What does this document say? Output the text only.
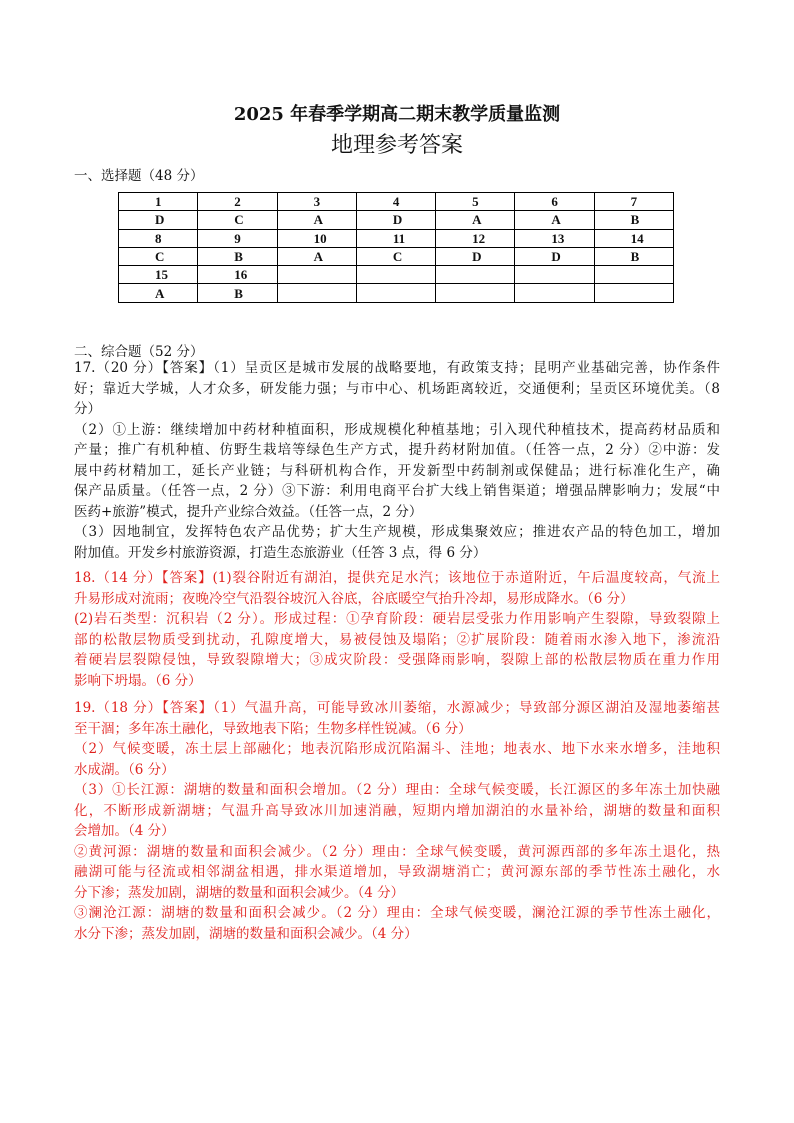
2025 年春季学期高二期末教学质量监测
地理参考答案
一、选择题（48 分）
1	2	3	4	5	6	7
D	C	A	D	A	A	B
8	9	10	11	12	13	14
C	B	A	C	D	D	B
15	16					
A	B					
二、综合题（52 分）
17.（20 分）【答案】（1）呈贡区是城市发展的战略要地，有政策支持；昆明产业基础完善，协作条件
好；靠近大学城，人才众多，研发能力强；与市中心、机场距离较近，交通便利；呈贡区环境优美。（8
分）
（2）①上游：继续增加中药材种植面积，形成规模化种植基地；引入现代种植技术，提高药材品质和
产量；推广有机种植、仿野生栽培等绿色生产方式，提升药材附加值。（任答一点，2 分）②中游：发
展中药材精加工，延长产业链；与科研机构合作，开发新型中药制剂或保健品；进行标准化生产，确
保产品质量。（任答一点，2 分）③下游：利用电商平台扩大线上销售渠道；增强品牌影响力；发展“中
医药+旅游”模式，提升产业综合效益。（任答一点，2 分）
（3）因地制宜，发挥特色农产品优势；扩大生产规模，形成集聚效应；推进农产品的特色加工，增加
附加值。开发乡村旅游资源，打造生态旅游业（任答 3 点，得 6 分）
18.（14 分）【答案】(1)裂谷附近有湖泊，提供充足水汽；该地位于赤道附近，午后温度较高，气流上
升易形成对流雨；夜晚冷空气沿裂谷坡沉入谷底，谷底暖空气抬升冷却，易形成降水。（6 分）
(2)岩石类型：沉积岩（2 分）。形成过程：①孕育阶段：硬岩层受张力作用影响产生裂隙，导致裂隙上
部的松散层物质受到扰动，孔隙度增大，易被侵蚀及塌陷；②扩展阶段：随着雨水渗入地下，渗流沿
着硬岩层裂隙侵蚀，导致裂隙增大；③成灾阶段：受强降雨影响，裂隙上部的松散层物质在重力作用
影响下坍塌。（6 分）
19.（18 分）【答案】（1）气温升高，可能导致冰川萎缩，水源减少；导致部分源区湖泊及湿地萎缩甚
至干涸；多年冻土融化，导致地表下陷；生物多样性锐减。（6 分）
（2）气候变暖，冻土层上部融化；地表沉陷形成沉陷漏斗、洼地；地表水、地下水来水增多，洼地积
水成湖。（6 分）
（3）①长江源：湖塘的数量和面积会增加。（2 分）理由：全球气候变暖，长江源区的多年冻土加快融
化，不断形成新湖塘；气温升高导致冰川加速消融，短期内增加湖泊的水量补给，湖塘的数量和面积
会增加。（4 分）
②黄河源：湖塘的数量和面积会减少。（2 分）理由：全球气候变暖，黄河源西部的多年冻土退化，热
融湖可能与径流或相邻湖盆相遇，排水渠道增加，导致湖塘消亡；黄河源东部的季节性冻土融化，水
分下渗；蒸发加剧，湖塘的数量和面积会减少。（4 分）
③澜沧江源：湖塘的数量和面积会减少。（2 分）理由：全球气候变暖，澜沧江源的季节性冻土融化，
水分下渗；蒸发加剧，湖塘的数量和面积会减少。（4 分）
